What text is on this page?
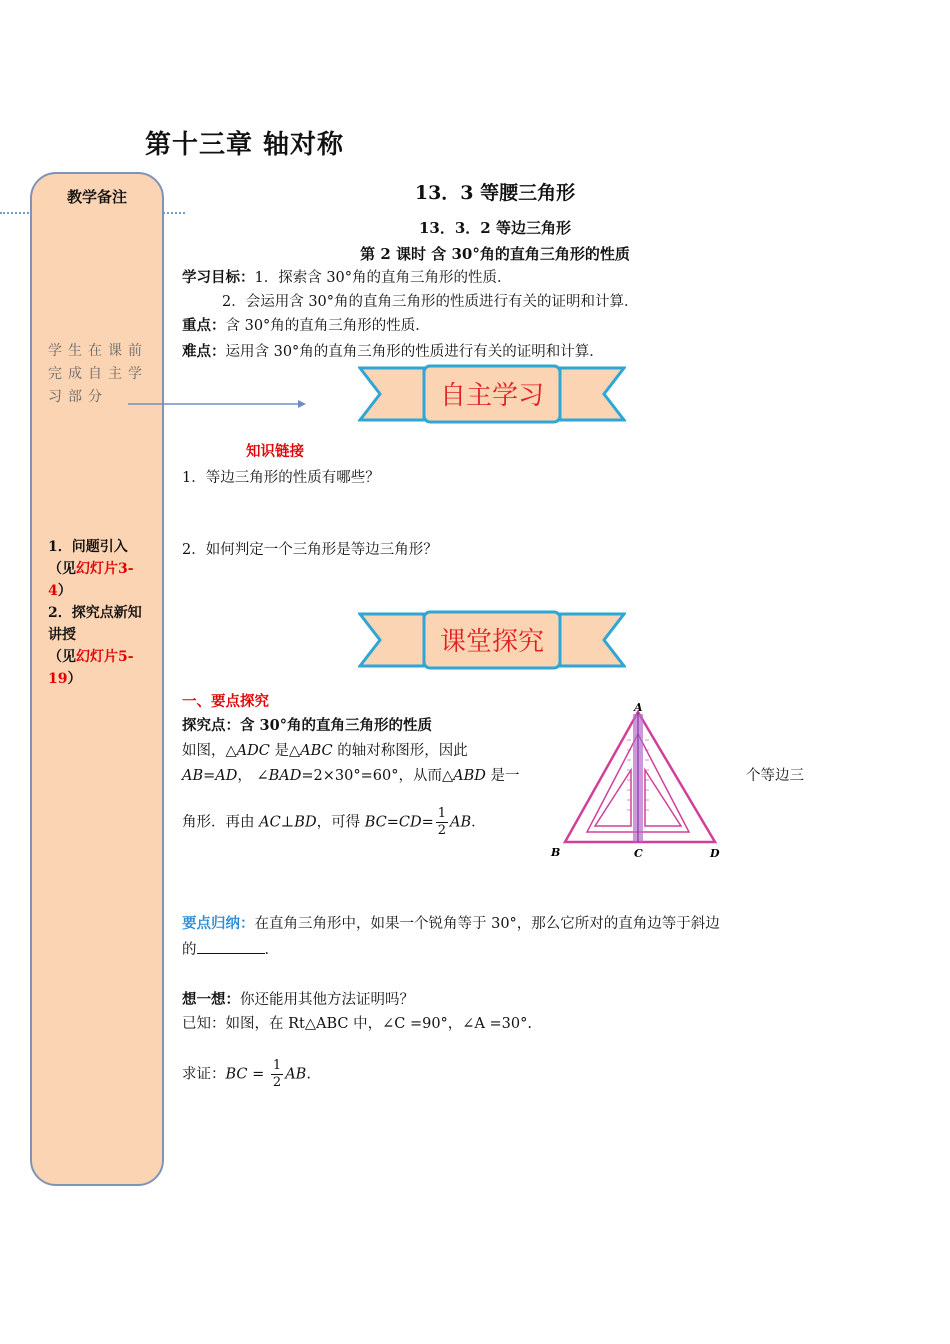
第十三章 轴对称
教学备注
学生在课前完成自主学习部分
1．问题引入
（见幻灯片3-4）
2．探究点新知讲授
（见幻灯片5-19）
13．3 等腰三角形
13．3．2 等边三角形
第 2 课时 含 30°角的直角三角形的性质
学习目标：1．探索含 30°角的直角三角形的性质．
2．会运用含 30°角的直角三角形的性质进行有关的证明和计算．
重点：含 30°角的直角三角形的性质．
难点：运用含 30°角的直角三角形的性质进行有关的证明和计算．
自主学习
知识链接
1．等边三角形的性质有哪些？
2．如何判定一个三角形是等边三角形？
课堂探究
一、要点探究
探究点：含 30°角的直角三角形的性质
如图，△ADC 是△ABC 的轴对称图形，因此
AB=AD， ∠BAD=2×30°=60°，从而△ABD 是一	个等边三
角形．再由 AC⊥BD，可得 $BC=CD= \frac{1}{2}$ AB．
A
B	C	D
要点归纳：在直角三角形中，如果一个锐角等于 30°，那么它所对的直角边等于斜边
的	．
想一想：你还能用其他方法证明吗？
已知：如图，在 Rt△ABC 中，∠C =90°，∠A =30°.
求证：BC = $\frac{1}{2}$ AB.
